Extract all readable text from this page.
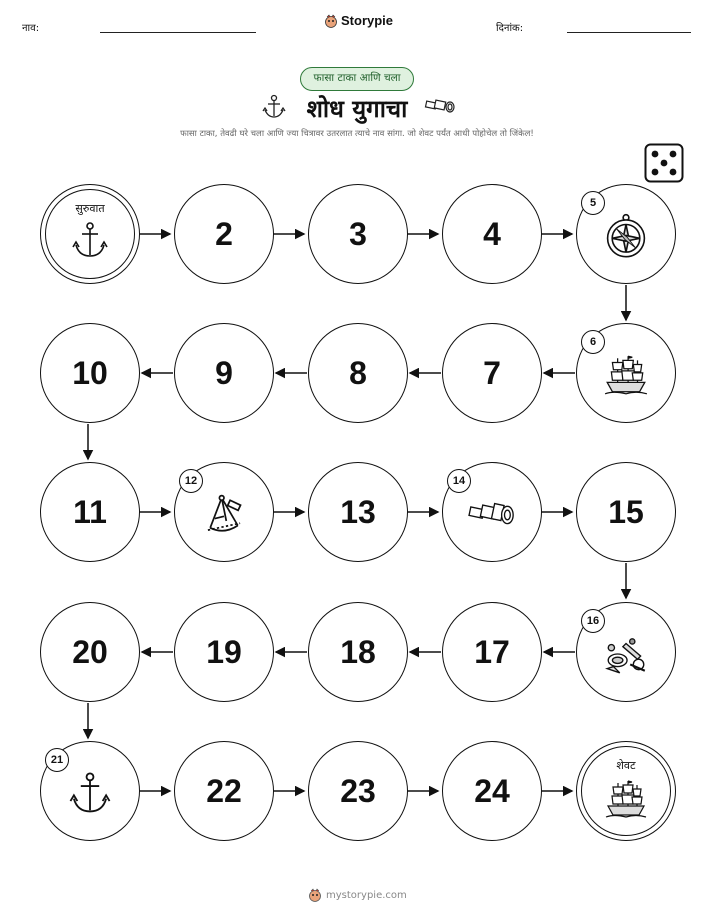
नाव:
Storypie
दिनांक:
फासा टाका आणि चला
शोध युगाचा
फासा टाका, तेवढी घरे चला आणि ज्या चित्रावर उतरलात त्याचे नाव सांगा. जो शेवट पर्यंत आधी पोहोचेल तो जिंकेल!
सुरुवात
2	3	4
5
6
7
8
9
10
11
12
13
14
15
16
17
18
19
20
21
22	23	24
शेवट
mystorypie.com
